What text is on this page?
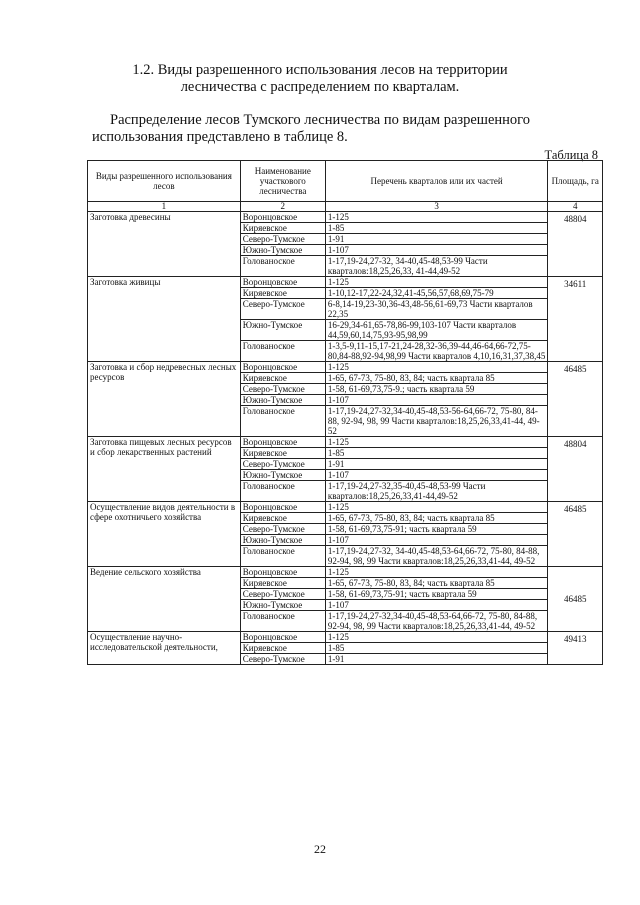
1.2. Виды разрешенного использования лесов на территории
лесничества с распределением по кварталам.
Распределение лесов Тумского лесничества по видам разрешенного использования представлено в таблице 8.
Таблица 8
Виды разрешенного использования лесов	Наименование участкового лесничества	Перечень кварталов или их частей	Площадь, га
1	2	3	4
Заготовка древесины	Воронцовское	1-125	48804
	Киряевское	1-85	
	Северо-Тумское	1-91	
	Южно-Тумское	1-107	
	Голованоское	1-17,19-24,27-32, 34-40,45-48,53-99 Части кварталов:18,25,26,33, 41-44,49-52	
Заготовка живицы	Воронцовское	1-125	34611
	Киряевское	1-10,12-17,22-24,32,41-45,56,57,68,69,75-79	
	Северо-Тумское	6-8,14-19,23-30,36-43,48-56,61-69,73 Части кварталов 22,35	
	Южно-Тумское	16-29,34-61,65-78,86-99,103-107 Части кварталов 44,59,60,14,75,93-95,98,99	
	Голованоское	1-3,5-9,11-15,17-21,24-28,32-36,39-44,46-64,66-72,75-80,84-88,92-94,98,99 Части кварталов 4,10,16,31,37,38,45	
Заготовка и сбор недревесных лесных ресурсов	Воронцовское	1-125	46485
	Киряевское	1-65, 67-73, 75-80, 83, 84; часть квартала 85	
	Северо-Тумское	1-58, 61-69,73,75-9.; часть квартала 59	
	Южно-Тумское	1-107	
	Голованоское	1-17,19-24,27-32,34-40,45-48,53-56-64,66-72, 75-80, 84-88, 92-94, 98, 99 Части кварталов:18,25,26,33,41-44, 49-52	
Заготовка пищевых лесных ресурсов и сбор лекарственных растений	Воронцовское	1-125	48804
	Киряевское	1-85	
	Северо-Тумское	1-91	
	Южно-Тумское	1-107	
	Голованоское	1-17,19-24,27-32,35-40,45-48,53-99 Части кварталов:18,25,26,33,41-44,49-52	
Осуществление видов деятельности в сфере охотничьего хозяйства	Воронцовское	1-125	46485
	Киряевское	1-65, 67-73, 75-80, 83, 84; часть квартала 85	
	Северо-Тумское	1-58, 61-69,73,75-91; часть квартала 59	
	Южно-Тумское	1-107	
	Голованоское	1-17,19-24,27-32, 34-40,45-48,53-64,66-72, 75-80, 84-88, 92-94, 98, 99 Части кварталов:18,25,26,33,41-44, 49-52	
Ведение сельского хозяйства	Воронцовское	1-125	46485
	Киряевское	1-65, 67-73, 75-80, 83, 84; часть квартала 85	
	Северо-Тумское	1-58, 61-69,73,75-91; часть квартала 59	
	Южно-Тумское	1-107	
	Голованоское	1-17,19-24,27-32,34-40,45-48,53-64,66-72, 75-80, 84-88, 92-94, 98, 99 Части кварталов:18,25,26,33,41-44, 49-52	
Осуществление научно-исследовательской деятельности,	Воронцовское	1-125	49413
	Киряевское	1-85	
	Северо-Тумское	1-91	
22
